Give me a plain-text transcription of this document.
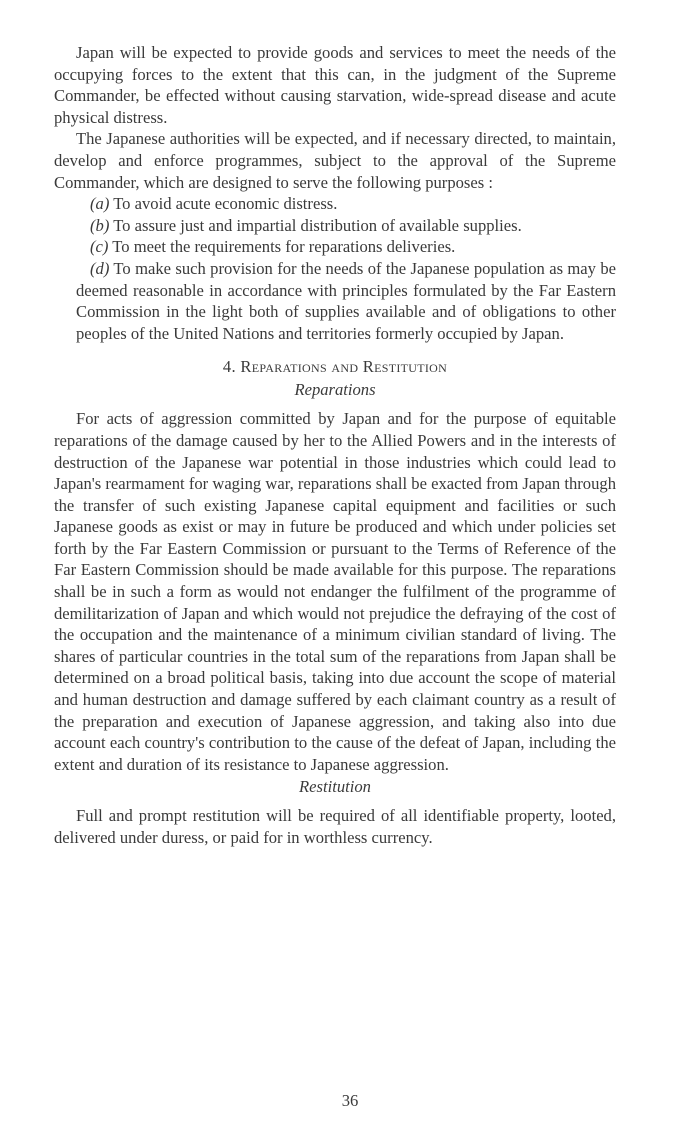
Japan will be expected to provide goods and services to meet the needs of the occupying forces to the extent that this can, in the judgment of the Supreme Commander, be effected without causing starvation, wide-spread disease and acute physical distress.

The Japanese authorities will be expected, and if necessary directed, to maintain, develop and enforce programmes, subject to the approval of the Supreme Commander, which are designed to serve the following purposes :

(a) To avoid acute economic distress.

(b) To assure just and impartial distribution of available supplies.

(c) To meet the requirements for reparations deliveries.

(d) To make such provision for the needs of the Japanese population as may be deemed reasonable in accordance with principles formulated by the Far Eastern Commission in the light both of supplies available and of obligations to other peoples of the United Nations and territories formerly occupied by Japan.

4. Reparations and Restitution
Reparations

For acts of aggression committed by Japan and for the purpose of equitable reparations of the damage caused by her to the Allied Powers and in the interests of destruction of the Japanese war potential in those industries which could lead to Japan's rearmament for waging war, reparations shall be exacted from Japan through the transfer of such existing Japanese capital equipment and facilities or such Japanese goods as exist or may in future be produced and which under policies set forth by the Far Eastern Commission or pursuant to the Terms of Reference of the Far Eastern Commission should be made available for this purpose. The reparations shall be in such a form as would not endanger the fulfilment of the programme of demilitarization of Japan and which would not prejudice the defraying of the cost of the occupation and the maintenance of a minimum civilian standard of living. The shares of particular countries in the total sum of the reparations from Japan shall be determined on a broad political basis, taking into due account the scope of material and human destruction and damage suffered by each claimant country as a result of the preparation and execution of Japanese aggression, and taking also into due account each country's contribution to the cause of the defeat of Japan, including the extent and duration of its resistance to Japanese aggression.

Restitution

Full and prompt restitution will be required of all identifiable property, looted, delivered under duress, or paid for in worthless currency.

36
